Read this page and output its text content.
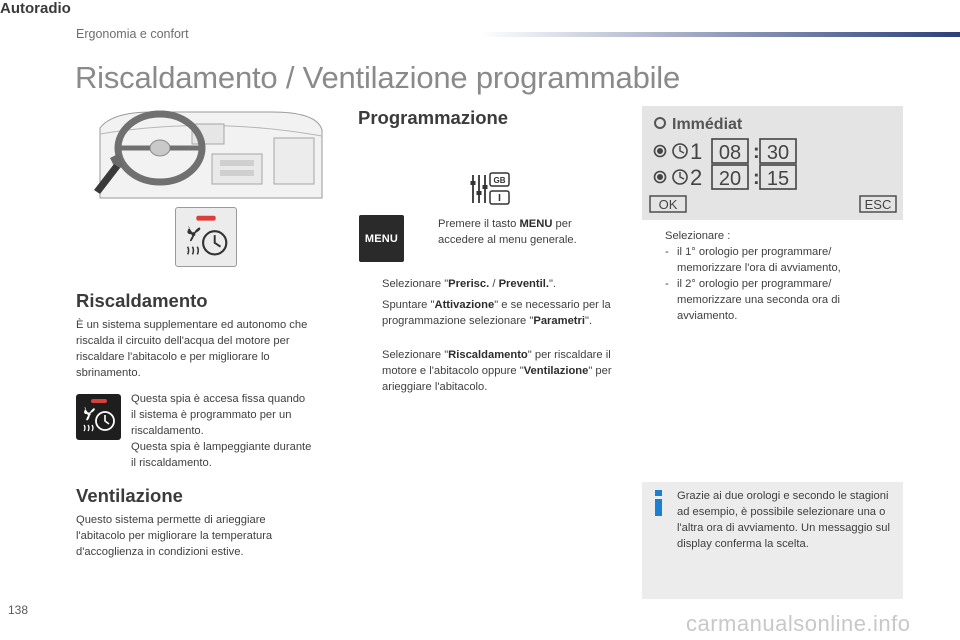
Ergonomia e confort
Riscaldamento / Ventilazione programmabile
Riscaldamento

È un sistema supplementare ed autonomo che riscalda il circuito dell'acqua del motore per riscaldare l'abitacolo e per migliorare lo sbrinamento.

Questa spia è accesa fissa quando
il sistema è programmato per un
riscaldamento.
Questa spia è lampeggiante durante
il riscaldamento.
Ventilazione

Questo sistema permette di arieggiare l'abitacolo per migliorare la temperatura d'accoglienza in condizioni estive.

Programmazione
Autoradio
GB
MENU
Premere il tasto MENU per accedere al menu generale.
Selezionare "Prerisc. / Preventil.".
Spuntare "Attivazione" e se necessario per la programmazione selezionare "Parametri".
Selezionare "Riscaldamento" per riscaldare il motore e l'abitacolo oppure "Ventilazione" per arieggiare l'abitacolo.
Immédiat
1 08 : 30
2 20 : 15
OK	ESC
Selezionare :
- il 1° orologio per programmare/ memorizzare l'ora di avviamento,
- il 2° orologio per programmare/ memorizzare una seconda ora di avviamento.

Grazie ai due orologi e secondo le stagioni ad esempio, è possibile selezionare una o l'altra ora di avviamento. Un messaggio sul display conferma la scelta.

138
carmanualsonline.info
